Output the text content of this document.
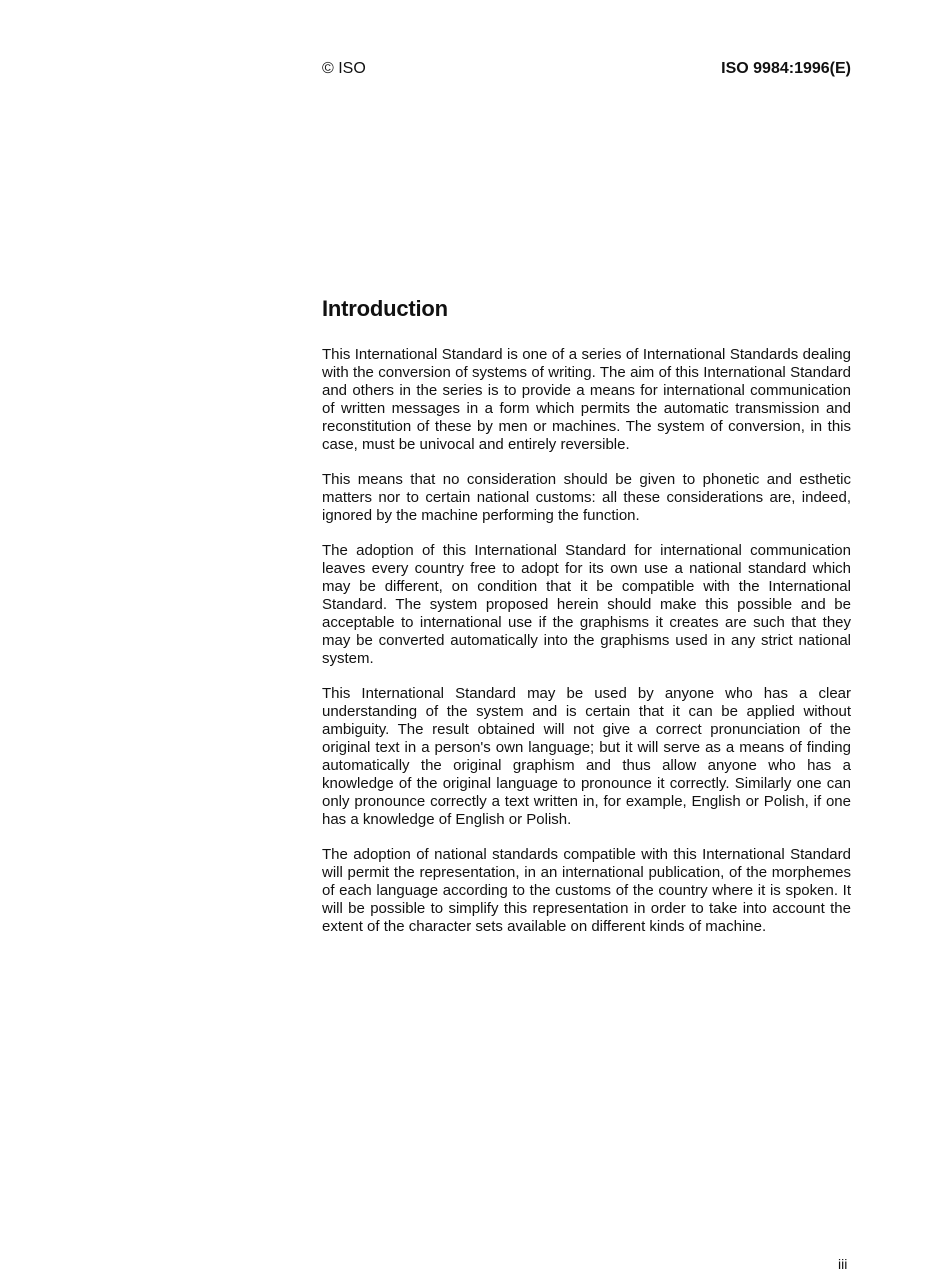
© ISO	ISO 9984:1996(E)
Introduction

This International Standard is one of a series of International Standards dealing with the conversion of systems of writing. The aim of this International Standard and others in the series is to provide a means for international communication of written messages in a form which permits the automatic transmission and reconstitution of these by men or machines. The system of conversion, in this case, must be univocal and entirely reversible.

This means that no consideration should be given to phonetic and esthetic matters nor to certain national customs: all these considerations are, indeed, ignored by the machine performing the function.

The adoption of this International Standard for international communication leaves every country free to adopt for its own use a national standard which may be different, on condition that it be compatible with the International Standard. The system proposed herein should make this possible and be acceptable to international use if the graphisms it creates are such that they may be converted automatically into the graphisms used in any strict national system.

This International Standard may be used by anyone who has a clear understanding of the system and is certain that it can be applied without ambiguity. The result obtained will not give a correct pronunciation of the original text in a person's own language; but it will serve as a means of finding automatically the original graphism and thus allow anyone who has a knowledge of the original language to pronounce it correctly. Similarly one can only pronounce correctly a text written in, for example, English or Polish, if one has a knowledge of English or Polish.

The adoption of national standards compatible with this International Standard will permit the representation, in an international publication, of the morphemes of each language according to the customs of the country where it is spoken. It will be possible to simplify this representation in order to take into account the extent of the character sets available on different kinds of machine.

iii
